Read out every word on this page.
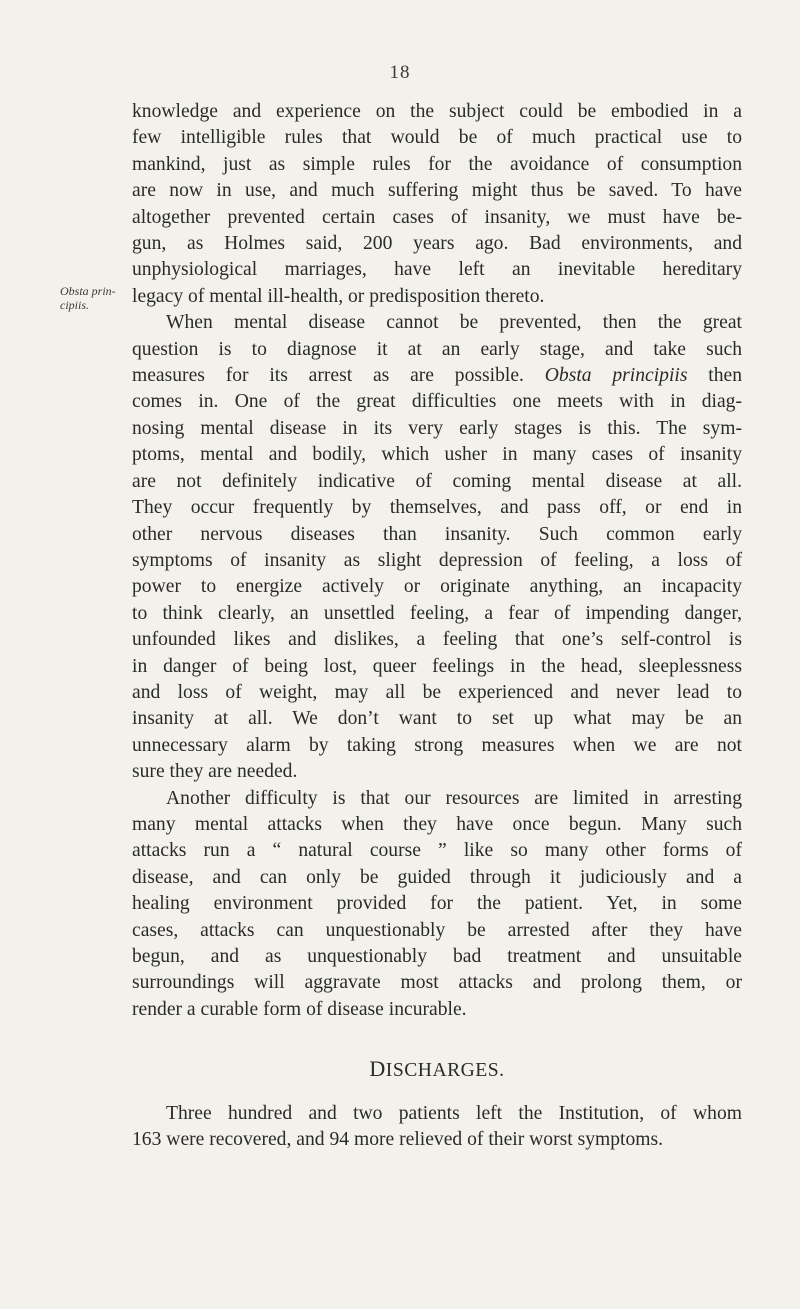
18
Obsta prin-
cipiis.
knowledge and experience on the subject could be embodied in a
few intelligible rules that would be of much practical use to
mankind, just as simple rules for the avoidance of consumption
are now in use, and much suffering might thus be saved. To have
altogether prevented certain cases of insanity, we must have be-
gun, as Holmes said, 200 years ago. Bad environments, and
unphysiological marriages, have left an inevitable hereditary
legacy of mental ill-health, or predisposition thereto.
When mental disease cannot be prevented, then the great
question is to diagnose it at an early stage, and take such
measures for its arrest as are possible. Obsta principiis then
comes in. One of the great difficulties one meets with in diag-
nosing mental disease in its very early stages is this. The sym-
ptoms, mental and bodily, which usher in many cases of insanity
are not definitely indicative of coming mental disease at all.
They occur frequently by themselves, and pass off, or end in
other nervous diseases than insanity. Such common early
symptoms of insanity as slight depression of feeling, a loss of
power to energize actively or originate anything, an incapacity
to think clearly, an unsettled feeling, a fear of impending danger,
unfounded likes and dislikes, a feeling that one’s self-control is
in danger of being lost, queer feelings in the head, sleeplessness
and loss of weight, may all be experienced and never lead to
insanity at all. We don’t want to set up what may be an
unnecessary alarm by taking strong measures when we are not
sure they are needed.
Another difficulty is that our resources are limited in arresting
many mental attacks when they have once begun. Many such
attacks run a “ natural course ” like so many other forms of
disease, and can only be guided through it judiciously and a
healing environment provided for the patient. Yet, in some
cases, attacks can unquestionably be arrested after they have
begun, and as unquestionably bad treatment and unsuitable
surroundings will aggravate most attacks and prolong them, or
render a curable form of disease incurable.
DISCHARGES.
Three hundred and two patients left the Institution, of whom
163 were recovered, and 94 more relieved of their worst symptoms.
